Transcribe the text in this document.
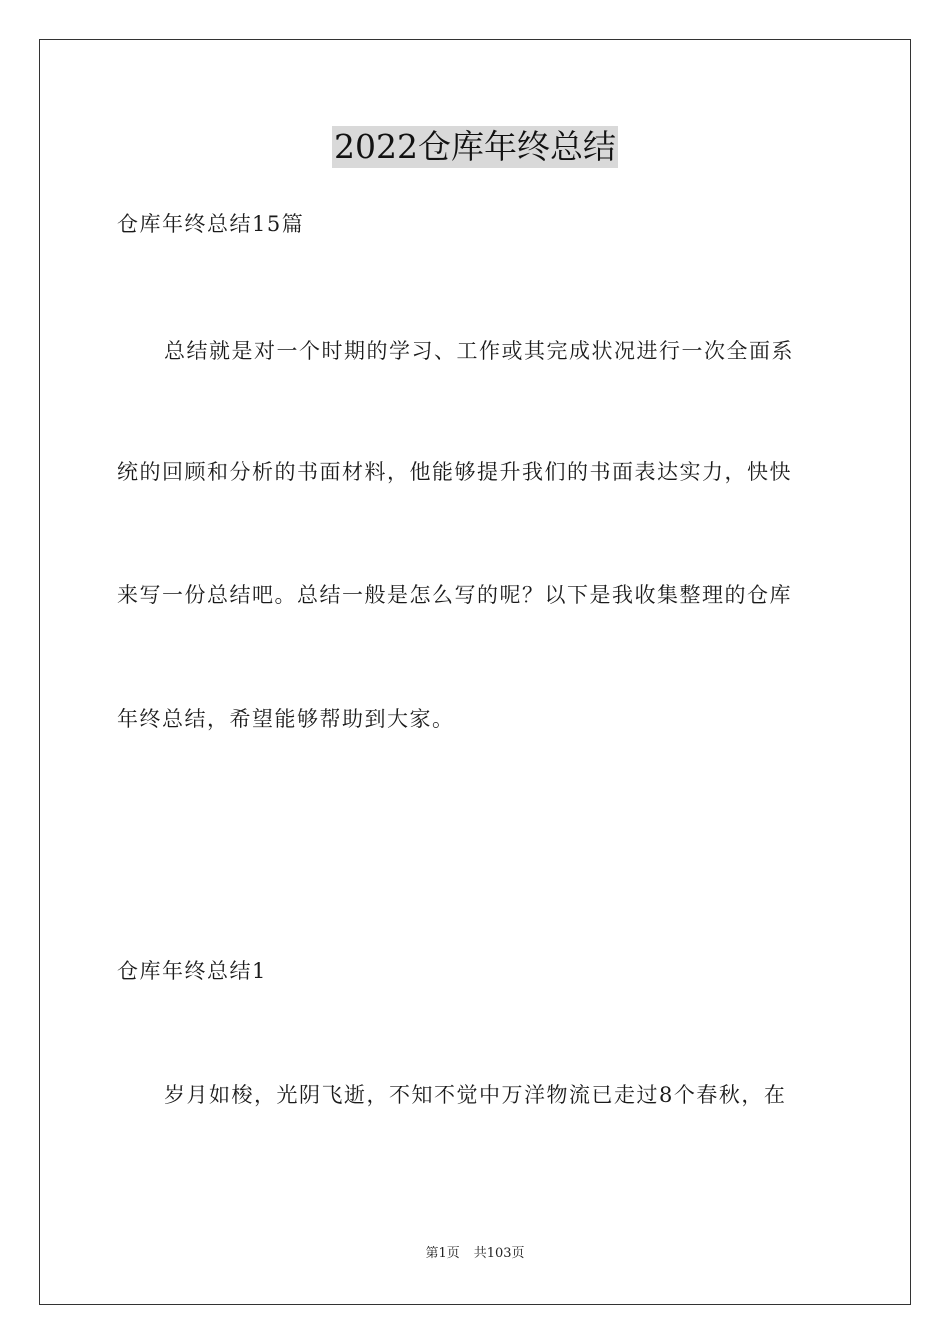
2022仓库年终总结
仓库年终总结15篇
总结就是对一个时期的学习、工作或其完成状况进行一次全面系
统的回顾和分析的书面材料，他能够提升我们的书面表达实力，快快
来写一份总结吧。总结一般是怎么写的呢？以下是我收集整理的仓库
年终总结，希望能够帮助到大家。
仓库年终总结1
岁月如梭，光阴飞逝，不知不觉中万洋物流已走过8个春秋，在
第1页 共103页
